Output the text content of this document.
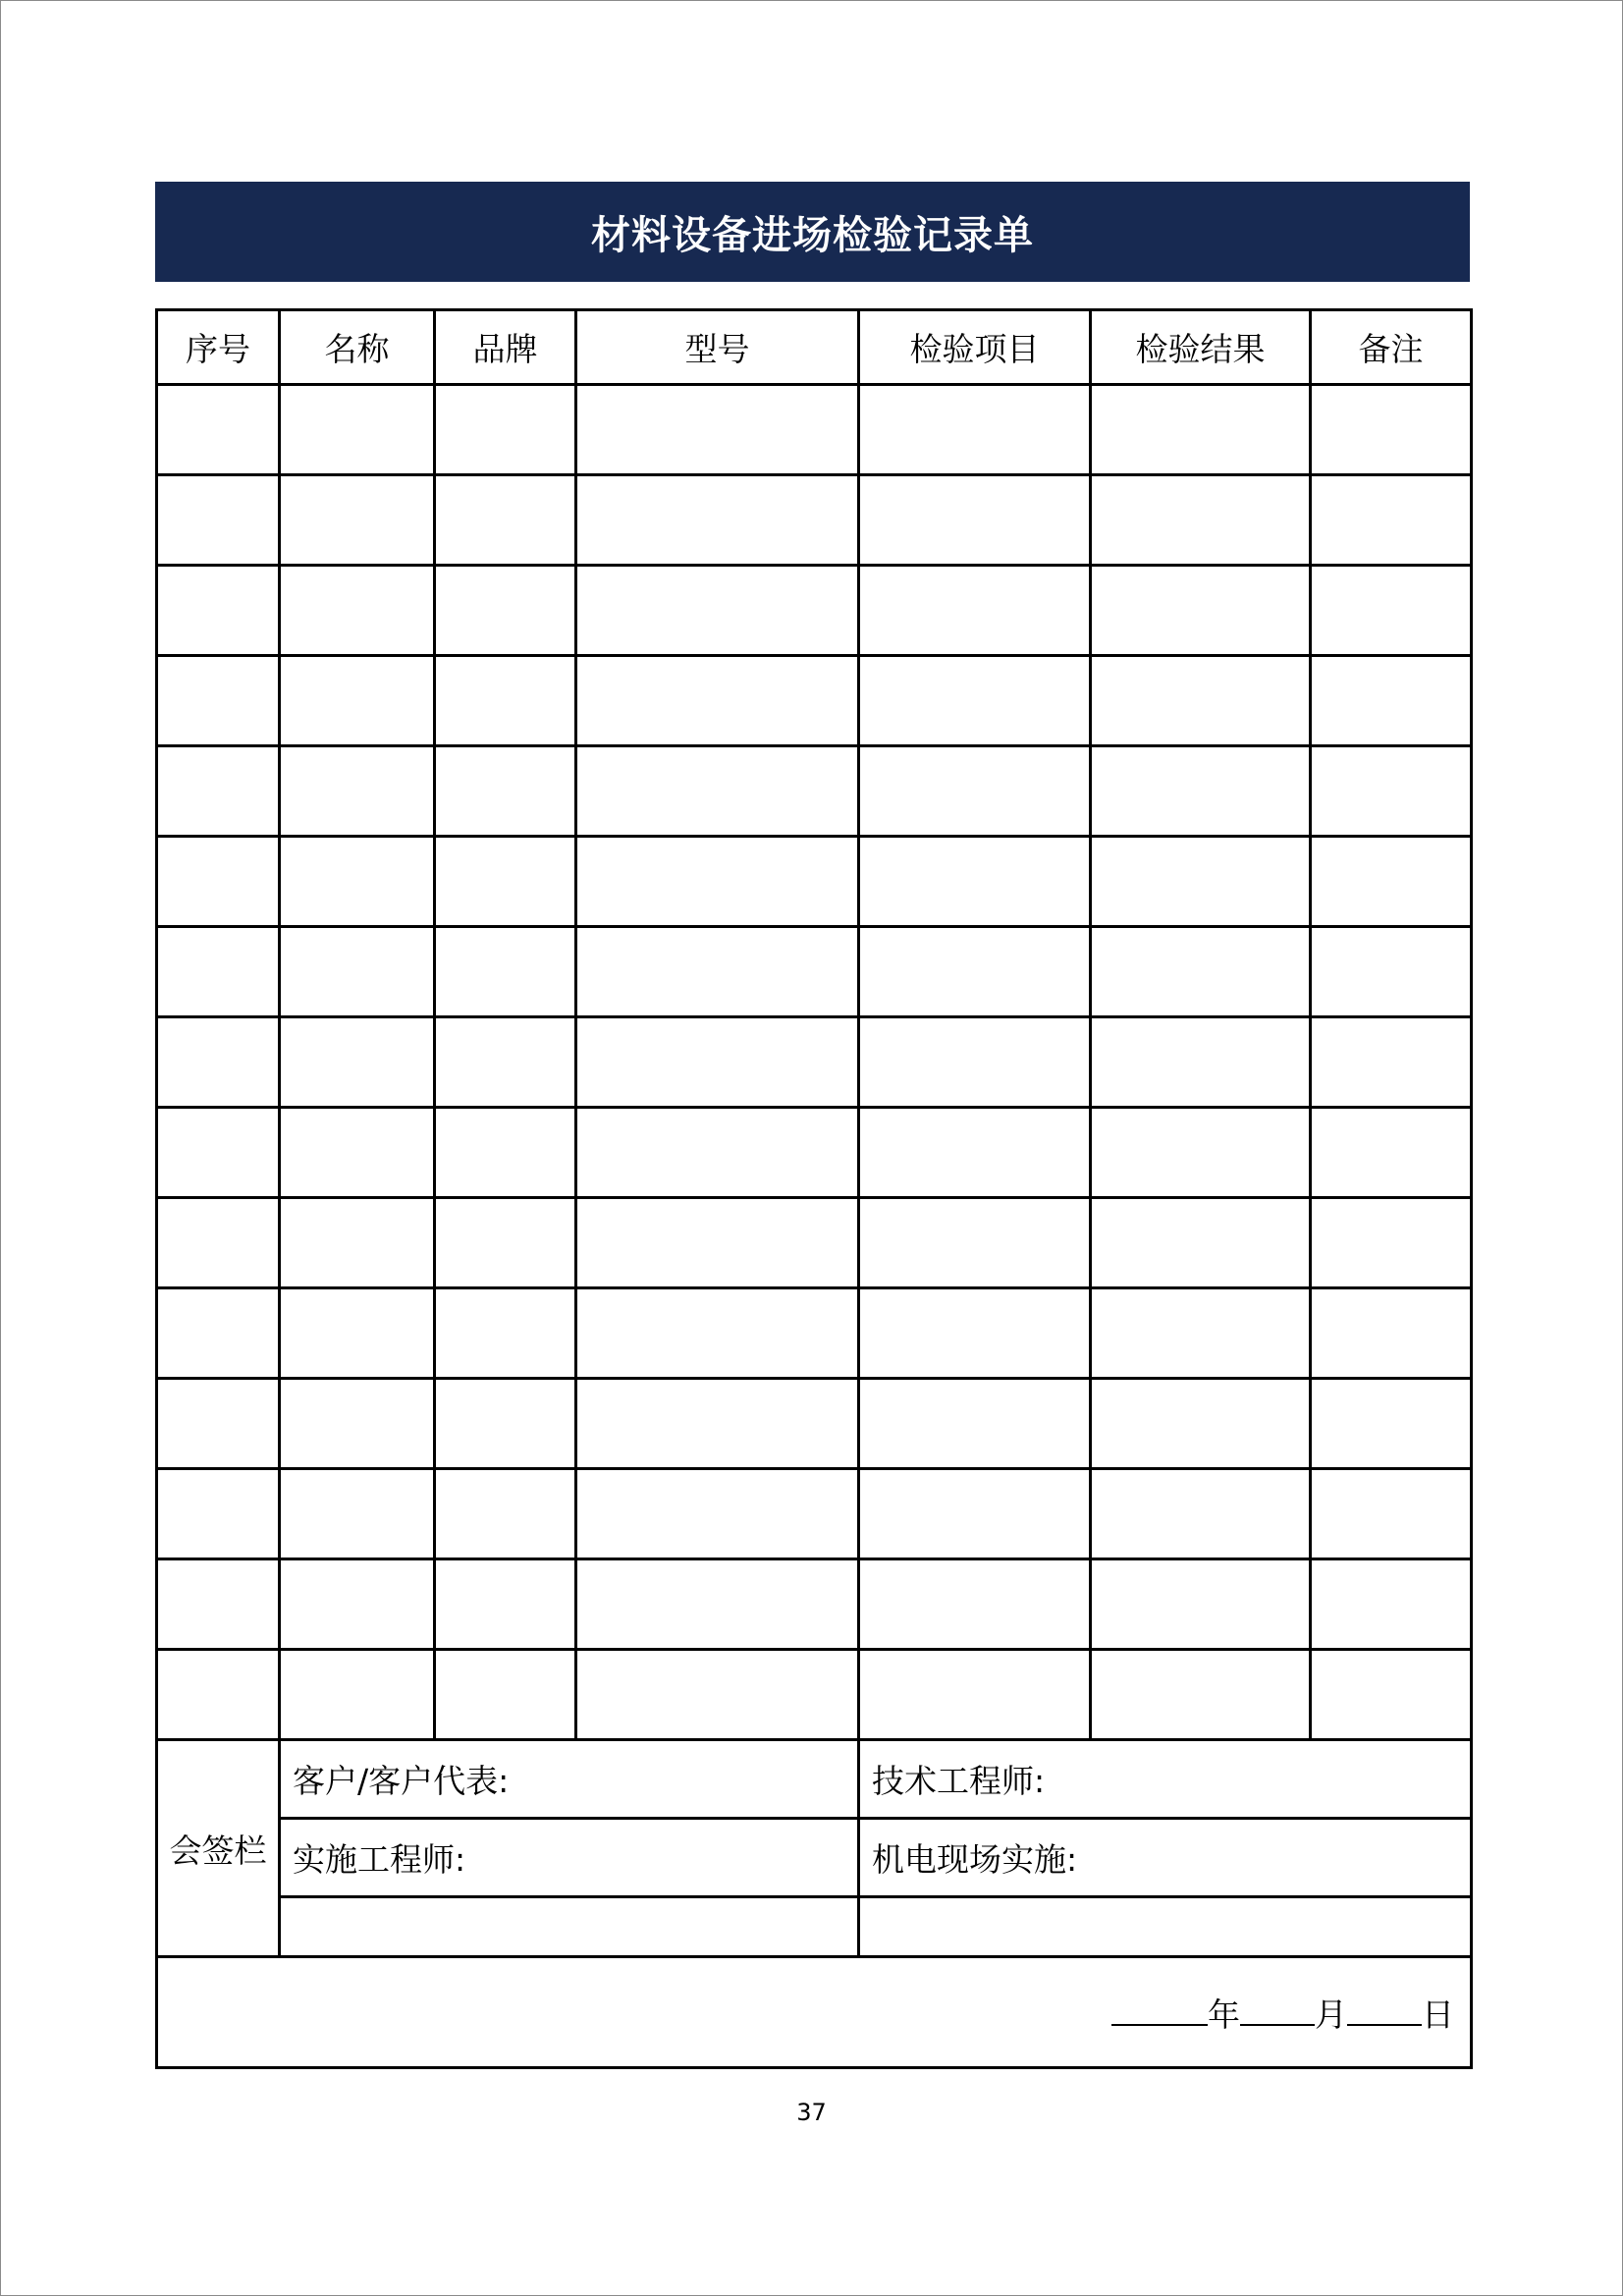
材料设备进场检验记录单
序号	名称	品牌	型号	检验项目	检验结果	备注

会签栏	客户/客户代表:			技术工程师:		
	实施工程师:			机电现场实施:		

年 月 日						
37
